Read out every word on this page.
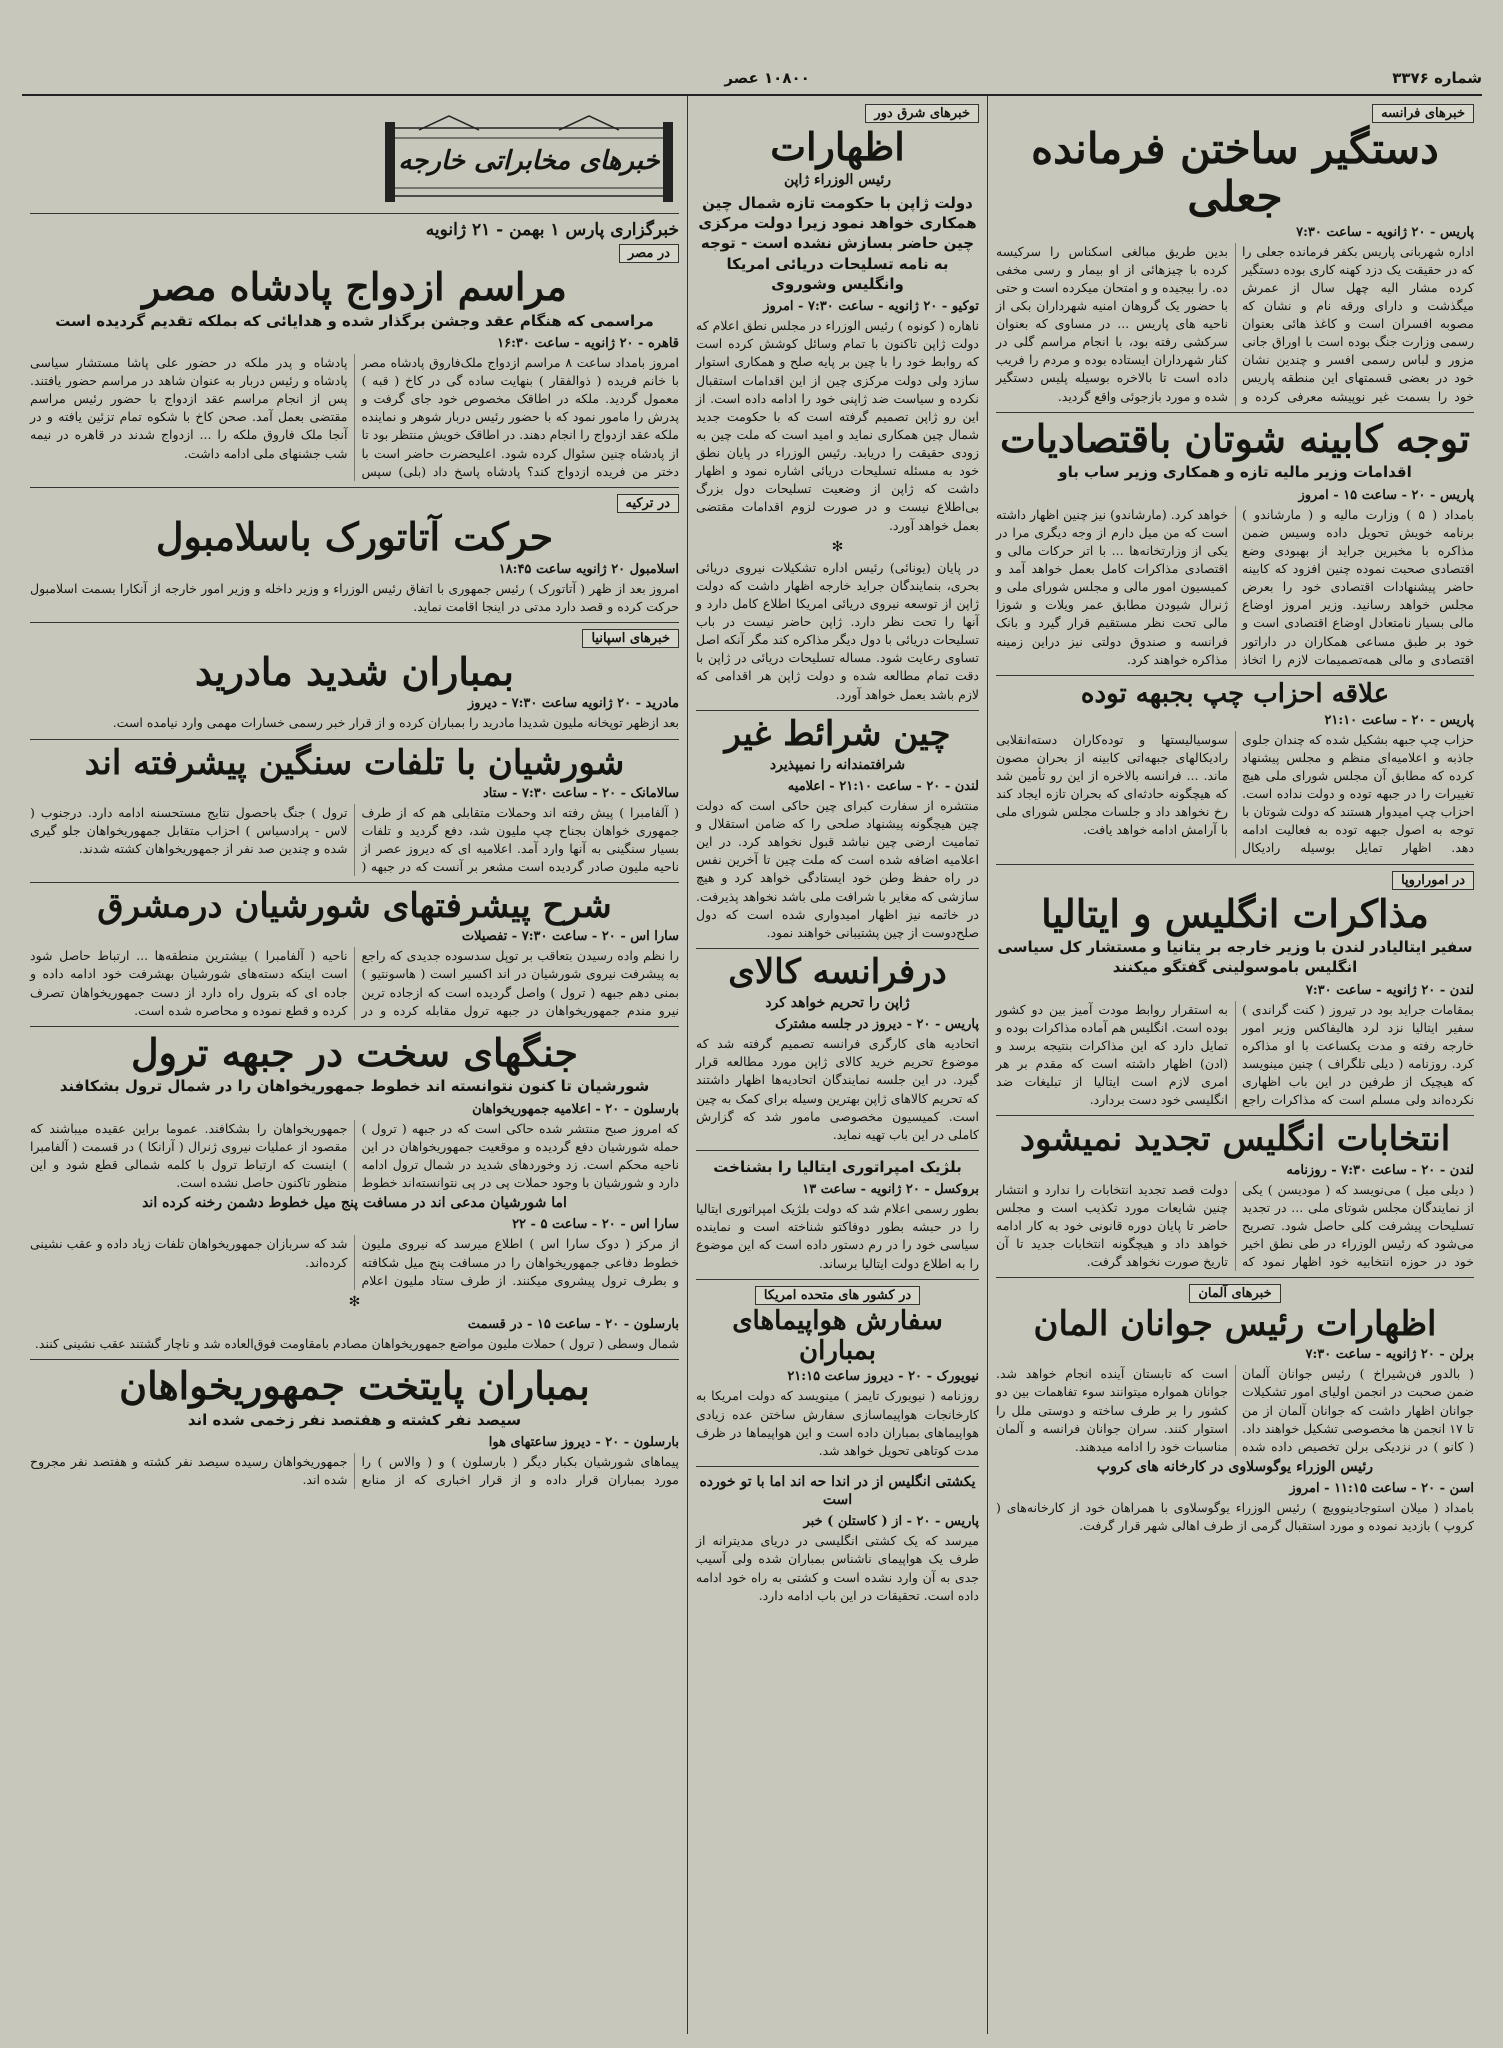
شماره ۳۳۷۶
۱۰۸۰۰ عصر
خبرهای فرانسه
دستگیر ساختن فرمانده جعلی
پاریس - ۲۰ ژانویه - ساعت ۷:۳۰
اداره شهربانی پاریس بکفر فرمانده جعلی را که در حقیقت یک دزد کهنه کاری بوده دستگیر کرده مشار الیه چهل سال از عمرش میگذشت و دارای ورقه نام و نشان که مصوبه افسران است و کاغذ هائی بعنوان رسمی وزارت جنگ بوده است با اوراق جانی مزور و لباس رسمی افسر و چندین نشان خود در بعضی قسمتهای این منطقه پاریس خود را بسمت غیر نوپیشه معرفی کرده و بدین طریق مبالغی اسکناس را سرکیسه کرده با چیزهائی از او بیمار و رسی مخفی ده. را بیجیده و و امتحان میکرده است و حتی با حضور یک گروهان امنیه شهرداران بکی از ناحیه های پاریس ... در مساوی که بعنوان سرکشی رفته بود، با انجام مراسم گلی در کنار شهرداران ایستاده بوده و مردم را فریب داده است تا بالاخره بوسیله پلیس دستگیر شده و مورد بازجوئی واقع گردید.
توجه کابینه شوتان باقتصادیات
اقدامات وزیر مالیه تازه و همکاری وزیر ساب باو
پاریس - ۲۰ - ساعت ۱۵ - امروز
بامداد ( ۵ ) وزارت مالیه و ( مارشاندو ) برنامه خویش تحویل داده وسیس ضمن مذاکره با مخبرین جراید از بهبودی وضع اقتصادی صحبت نموده چنین افزود که کابینه حاضر پیشنهادات اقتصادی خود را بعرض مجلس خواهد رسانید. وزیر امروز اوضاع مالی بسیار نامتعادل اوضاع اقتصادی است و خود بر طبق مساعی همکاران در داراتور اقتصادی و مالی همه‌تصمیمات لازم را اتخاذ خواهد کرد. (مارشاندو) نیز چنین اظهار داشته است که من میل دارم از وجه دیگری مرا در یکی از وزارتخانه‌ها ... با اتر حرکات مالی و اقتصادی مذاکرات کامل بعمل خواهد آمد و کمیسیون امور مالی و مجلس شورای ملی و ژنرال شیودن مطابق عمر ویلات و شوزا مالی تحت نظر مستقیم قرار گیرد و بانک فرانسه و صندوق دولتی نیز دراین زمینه مذاکره خواهند کرد.
علاقه احزاب چپ بجبهه توده
پاریس - ۲۰ - ساعت ۲۱:۱۰
حزاب چپ جبهه بشکیل شده که چندان جلوی جاذبه و اعلامیه‌ای منظم و مجلس پیشنهاد کرده که مطابق آن مجلس شورای ملی هیچ تغییرات را در جبهه توده و دولت نداده است. احزاب چپ امیدوار هستند که دولت شوتان با توجه به اصول جبهه توده به فعالیت ادامه دهد. اظهار تمایل بوسیله رادیکال سوسیالیستها و توده‌کاران دسته‌انقلابی رادیکالهای جبهه‌اتی کابینه از بحران مصون ماند. ... فرانسه بالاخره از این رو تأمین شد که هیچگونه حادثه‌ای که بحران تازه ایجاد کند رخ نخواهد داد و جلسات مجلس شورای ملی با آرامش ادامه خواهد یافت.
در اموراروپا
مذاکرات انگلیس و ایتالیا
سفیر ایتالیادر لندن با وزیر خارجه بر یتانیا و مستشار کل سیاسی انگلیس باموسولینی گفتگو میکنند
لندن - ۲۰ ژانویه - ساعت ۷:۳۰
بمقامات جراید بود در تیروز ( کنت گراندی ) سفیر ایتالیا نزد لرد هالیفاکس وزیر امور خارجه رفته و مدت یکساعت با او مذاکره کرد. روزنامه ( دیلی تلگراف ) چنین مینویسد که هیچیک از طرفین در این باب اظهاری نکرده‌اند ولی مسلم است که مذاکرات راجع به استقرار روابط مودت آمیز بین دو کشور بوده است. انگلیس هم آماده مذاکرات بوده و تمایل دارد که این مذاکرات بنتیجه برسد و (ادن) اظهار داشته است که مقدم بر هر امری لازم است ایتالیا از تبلیغات ضد انگلیسی خود دست بردارد.
انتخابات انگلیس تجدید نمیشود
لندن - ۲۰ - ساعت ۷:۳۰ - روزنامه
( دیلی میل ) می‌نویسد که ( مودیسن ) یکی از نمایندگان مجلس شوتای ملی ... در تجدید تسلیحات پیشرفت کلی حاصل شود. تصریح می‌شود که رئیس الوزراء در طی نطق اخیر خود در حوزه انتخابیه خود اظهار نمود که دولت قصد تجدید انتخابات را ندارد و انتشار چنین شایعات مورد تکذیب است و مجلس حاضر تا پایان دوره قانونی خود به کار ادامه خواهد داد و هیچگونه انتخابات جدید تا آن تاریخ صورت نخواهد گرفت.
خبرهای آلمان
اظهارات رئیس جوانان المان
برلن - ۲۰ ژانویه - ساعت ۷:۳۰
( بالدور فن‌شیراخ ) رئیس جوانان آلمان ضمن صحبت در انجمن اولیای امور تشکیلات جوانان اظهار داشت که جوانان آلمان از من تا ۱۷ انجمن ها مخصوصی تشکیل خواهند داد. ( کانو ) در نزدیکی برلن تخصیص داده شده است که تابستان آینده انجام خواهد شد. جوانان همواره میتوانند سوء تفاهمات بین دو کشور را بر طرف ساخته و دوستی ملل را استوار کنند. سران جوانان فرانسه و آلمان مناسبات خود را ادامه میدهند.
رئیس الوزراء یوگوسلاوی در کارخانه های کروپ
اسن - ۲۰ - ساعت ۱۱:۱۵ - امروز
بامداد ( میلان استوجادینوویچ ) رئیس الوزراء یوگوسلاوی با همراهان خود از کارخانه‌های ( کروپ ) بازدید نموده و مورد استقبال گرمی از طرف اهالی شهر قرار گرفت.
خبرهای شرق دور
اظهارات
رئیس الوزراء ژاپن
دولت ژاپن با حکومت تازه شمال چین همکاری خواهد نمود زیرا دولت مرکزی چین حاضر بسازش نشده است - توجه به نامه تسلیحات دریائی امریکا وانگلیس وشوروی
توکیو - ۲۰ ژانویه - ساعت ۷:۳۰ - امروز
ناهاره ( کونوه ) رئیس الوزراء در مجلس نطق اعلام که دولت ژاپن تاکنون با تمام وسائل کوشش کرده است که روابط خود را با چین بر پایه صلح و همکاری استوار سازد ولی دولت مرکزی چین از این اقدامات استقبال نکرده و سیاست ضد ژاپنی خود را ادامه داده است. از این رو ژاپن تصمیم گرفته است که با حکومت جدید شمال چین همکاری نماید و امید است که ملت چین به زودی حقیقت را دریابد. رئیس الوزراء در پایان نطق خود به مسئله تسلیحات دریائی اشاره نمود و اظهار داشت که ژاپن از وضعیت تسلیحات دول بزرگ بی‌اطلاع نیست و در صورت لزوم اقدامات مقتضی بعمل خواهد آورد.
✻
در پایان (یونائی) رئیس اداره تشکیلات نیروی دریائی بحری، بنمایندگان جراید خارجه اظهار داشت که دولت ژاپن از توسعه نیروی دریائی امریکا اطلاع کامل دارد و آنها را تحت نظر دارد. ژاپن حاضر نیست در باب تسلیحات دریائی با دول دیگر مذاکره کند مگر آنکه اصل تساوی رعایت شود. مساله تسلیحات دریائی در ژاپن با دقت تمام مطالعه شده و دولت ژاپن هر اقدامی که لازم باشد بعمل خواهد آورد.
چین شرائط غیر
شرافتمندانه را نمیپذیرد
لندن - ۲۰ - ساعت ۲۱:۱۰ - اعلامیه
منتشره از سفارت کبرای چین حاکی است که دولت چین هیچگونه پیشنهاد صلحی را که ضامن استقلال و تمامیت ارضی چین نباشد قبول نخواهد کرد. در این اعلامیه اضافه شده است که ملت چین تا آخرین نفس در راه حفظ وطن خود ایستادگی خواهد کرد و هیچ سازشی که مغایر با شرافت ملی باشد نخواهد پذیرفت. در خاتمه نیز اظهار امیدواری شده است که دول صلح‌دوست از چین پشتیبانی خواهند نمود.
درفرانسه کالای
ژاپن را تحریم خواهد کرد
پاریس - ۲۰ - دیروز در جلسه مشترک
اتحادیه های کارگری فرانسه تصمیم گرفته شد که موضوع تحریم خرید کالای ژاپن مورد مطالعه قرار گیرد. در این جلسه نمایندگان اتحادیه‌ها اظهار داشتند که تحریم کالاهای ژاپن بهترین وسیله برای کمک به چین است. کمیسیون مخصوصی مامور شد که گزارش کاملی در این باب تهیه نماید.
بلژیک امپراتوری ایتالیا را بشناخت
بروکسل - ۲۰ ژانویه - ساعت ۱۳
بطور رسمی اعلام شد که دولت بلژیک امپراتوری ایتالیا را در حبشه بطور دوفاکتو شناخته است و نماینده سیاسی خود را در رم دستور داده است که این موضوع را به اطلاع دولت ایتالیا برساند.
در کشور های متحده امریکا
سفارش هواپیماهای بمباران
نیویورک - ۲۰ - دیروز ساعت ۲۱:۱۵
روزنامه ( نیویورک تایمز ) مینویسد که دولت امریکا به کارخانجات هواپیماسازی سفارش ساختن عده زیادی هواپیماهای بمباران داده است و این هواپیماها در ظرف مدت کوتاهی تحویل خواهد شد.
یکشتی انگلیس از در اندا حه اند اما با تو خورده است
پاریس - ۲۰ - از ( کاستلن ) خبر
میرسد که یک کشتی انگلیسی در دریای مدیترانه از طرف یک هواپیمای ناشناس بمباران شده ولی آسیب جدی به آن وارد نشده است و کشتی به راه خود ادامه داده است. تحقیقات در این باب ادامه دارد.
خبرهای مخابراتی خارجه
خبرگزاری پارس ۱ بهمن - ۲۱ ژانویه
در مصر
مراسم ازدواج پادشاه مصر
مراسمی که هنگام عقد وجشن برگذار شده و هدایائی که بملکه تقدیم گردیده است
قاهره - ۲۰ ژانویه - ساعت ۱۶:۳۰
امروز بامداد ساعت ۸ مراسم ازدواج ملک‌فاروق پادشاه مصر با خانم فریده ( ذوالفقار ) بنهایت ساده گی در کاخ ( قبه ) معمول گردید. ملکه در اطاقک مخصوص خود جای گرفت و پدرش را مامور نمود که با حضور رئیس دربار شوهر و نماینده ملکه عقد ازدواج را انجام دهند. در اطاقک خویش منتظر بود تا از پادشاه چنین سئوال کرده شود. اعلیحضرت حاضر است با دختر من فریده ازدواج کند؟ پادشاه پاسخ داد (بلی) سپس پادشاه و پدر ملکه در حضور علی پاشا مستشار سیاسی پادشاه و رئیس دربار به عنوان شاهد در مراسم حضور یافتند. پس از انجام مراسم عقد ازدواج با حضور رئیس مراسم مقتضی بعمل آمد. صحن کاخ با شکوه تمام تزئین یافته و در آنجا ملک فاروق ملکه را ... ازدواج شدند در قاهره در نیمه شب جشنهای ملی ادامه داشت.
در ترکیه
حرکت آتاتورک باسلامبول
اسلامبول ۲۰ ژانویه ساعت ۱۸:۴۵
امروز بعد از ظهر ( آتاتورک ) رئیس جمهوری با اتفاق رئیس الوزراء و وزیر داخله و وزیر امور خارجه از آنکارا بسمت اسلامبول حرکت کرده و قصد دارد مدتی در اینجا اقامت نماید.
خبرهای اسپانیا
بمباران شدید مادرید
مادرید - ۲۰ ژانویه ساعت ۷:۳۰ - دیروز
بعد ازظهر توپخانه ملیون شدیدا مادرید را بمباران کرده و از قرار خبر رسمی خسارات مهمی وارد نیامده است.
شورشیان با تلفات سنگین پیشرفته اند
سالامانک - ۲۰ - ساعت ۷:۳۰ - ستاد
( آلفامبرا ) پیش رفته اند وحملات متقابلی هم که از طرف جمهوری خواهان بجناح چپ ملیون شد، دفع گردید و تلفات بسیار سنگینی به آنها وارد آمد. اعلامیه ای که دیروز عصر از ناحیه ملیون صادر گردیده است مشعر بر آنست که در جبهه ( ترول ) جنگ باحصول نتایج مستحسنه ادامه دارد. درجنوب ( لاس - پرادسیاس ) احزاب متقابل جمهوریخواهان جلو گیری شده و چندین صد نفر از جمهوریخواهان کشته شدند.
شرح پیشرفتهای شورشیان درمشرق
سارا اس - ۲۰ - ساعت ۷:۳۰ - تفصیلات
را نظم واده رسیدن بتعاقب بر توپل سدسوده جدیدی که راجع به پیشرفت نیروی شورشیان در اند اکسیر است ( هاسونتیو ) بمنی دهم جبهه ( ترول ) واصل گردیده است که ازجاده ترین نیرو مندم جمهوریخواهان در جبهه ترول مقابله کرده و در ناحیه ( آلفامبرا ) بیشترین منطقه‌ها ... ارتباط حاصل شود است اینکه دسته‌های شورشیان بهشرفت خود ادامه داده و جاده ای که بترول راه دارد از دست جمهوریخواهان تصرف کرده و قطع نموده و محاصره شده است.
جنگهای سخت در جبهه ترول
شورشیان تا کنون نتوانسته اند خطوط جمهوریخواهان را در شمال ترول بشکافند
بارسلون - ۲۰ - اعلامیه جمهوریخواهان
که امروز صبح منتشر شده حاکی است که در جبهه ( ترول ) حمله شورشیان دفع گردیده و موقعیت جمهوریخواهان در این ناحیه محکم است. زد وخوردهای شدید در شمال ترول ادامه دارد و شورشیان با وجود حملات پی در پی نتوانسته‌اند خطوط جمهوریخواهان را بشکافند. عموما براین عقیده میباشند که مقصود از عملیات نیروی ژنرال ( آرانکا ) در قسمت ( آلفامبرا ) اینست که ارتباط ترول با کلمه شمالی قطع شود و این منظور تاکنون حاصل نشده است.
اما شورشیان مدعی اند در مسافت پنج میل خطوط دشمن رخنه کرده اند
سارا اس - ۲۰ - ساعت ۵ - ۲۲
از مرکز ( دوک سارا اس ) اطلاع میرسد که نیروی ملیون خطوط دفاعی جمهوریخواهان را در مسافت پنج میل شکافته و بطرف ترول پیشروی میکنند. از طرف ستاد ملیون اعلام شد که سربازان جمهوریخواهان تلفات زیاد داده و عقب نشینی کرده‌اند.
✻
بارسلون - ۲۰ - ساعت ۱۵ - در قسمت
شمال وسطی ( ترول ) حملات ملیون مواضع جمهوریخواهان مصادم بامقاومت فوق‌العاده شد و ناچار گشتند عقب نشینی کنند.
بمباران پایتخت جمهوریخواهان
سیصد نفر کشته و هفتصد نفر زخمی شده اند
بارسلون - ۲۰ - دیروز ساعتهای هوا
پیماهای شورشیان بکبار دیگر ( بارسلون ) و ( والاس ) را مورد بمباران قرار داده و از قرار اخباری که از منابع جمهوریخواهان رسیده سیصد نفر کشته و هفتصد نفر مجروح شده اند.
